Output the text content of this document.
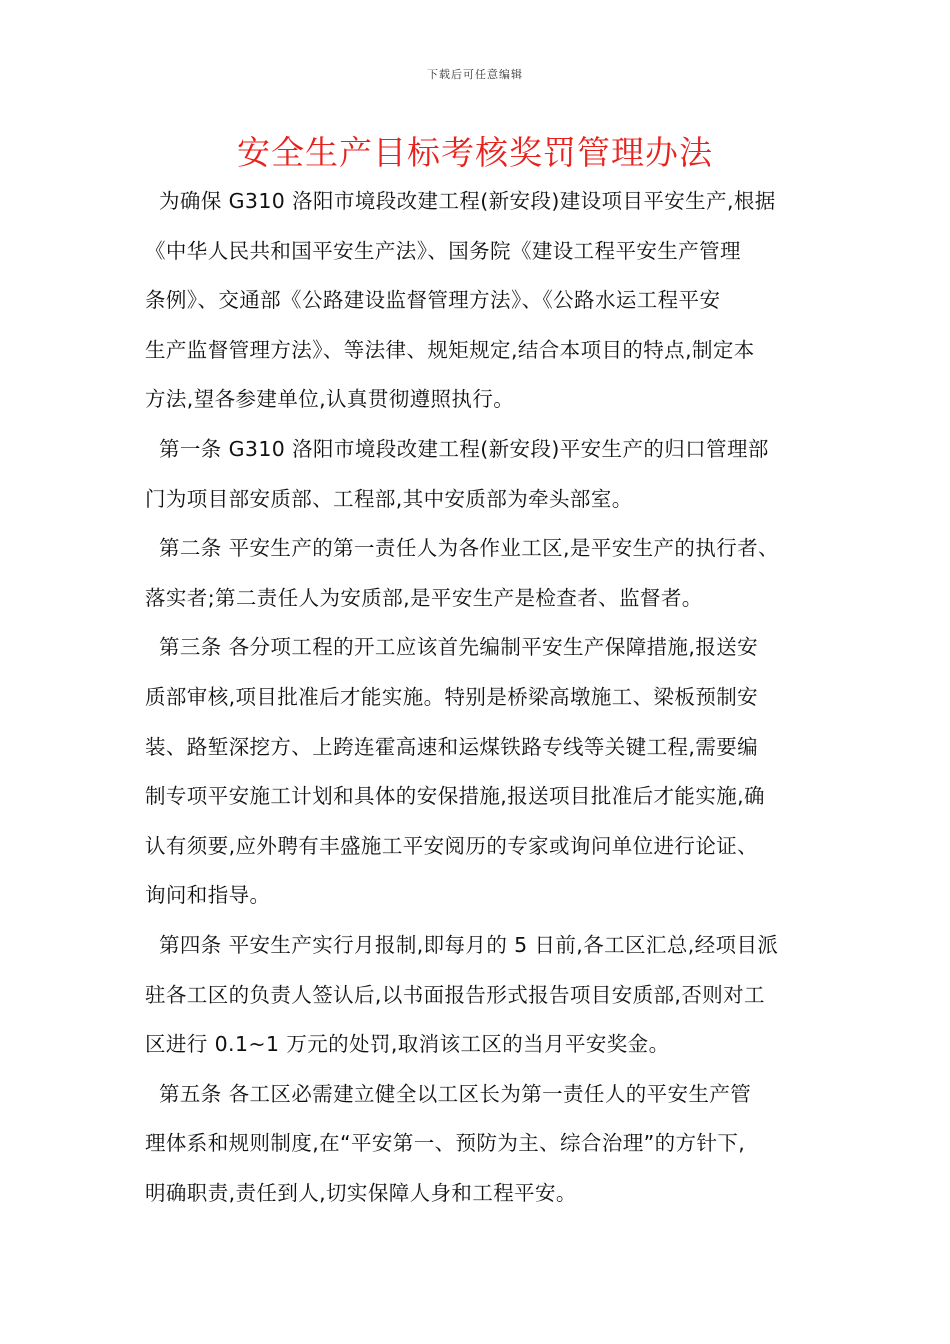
下载后可任意编辑
安全生产目标考核奖罚管理办法
为确保 G310 洛阳市境段改建工程(新安段)建设项目平安生产,根据
《中华人民共和国平安生产法》、国务院《建设工程平安生产管理
条例》、交通部《公路建设监督管理方法》、《公路水运工程平安
生产监督管理方法》、等法律、规矩规定,结合本项目的特点,制定本
方法,望各参建单位,认真贯彻遵照执行。
第一条 G310 洛阳市境段改建工程(新安段)平安生产的归口管理部
门为项目部安质部、工程部,其中安质部为牵头部室。
第二条 平安生产的第一责任人为各作业工区,是平安生产的执行者、
落实者;第二责任人为安质部,是平安生产是检查者、监督者。
第三条 各分项工程的开工应该首先编制平安生产保障措施,报送安
质部审核,项目批准后才能实施。特别是桥梁高墩施工、梁板预制安
装、路堑深挖方、上跨连霍高速和运煤铁路专线等关键工程,需要编
制专项平安施工计划和具体的安保措施,报送项目批准后才能实施,确
认有须要,应外聘有丰盛施工平安阅历的专家或询问单位进行论证、
询问和指导。
第四条 平安生产实行月报制,即每月的 5 日前,各工区汇总,经项目派
驻各工区的负责人签认后,以书面报告形式报告项目安质部,否则对工
区进行 0.1~1 万元的处罚,取消该工区的当月平安奖金。
第五条 各工区必需建立健全以工区长为第一责任人的平安生产管
理体系和规则制度,在“平安第一、预防为主、综合治理”的方针下,
明确职责,责任到人,切实保障人身和工程平安。
